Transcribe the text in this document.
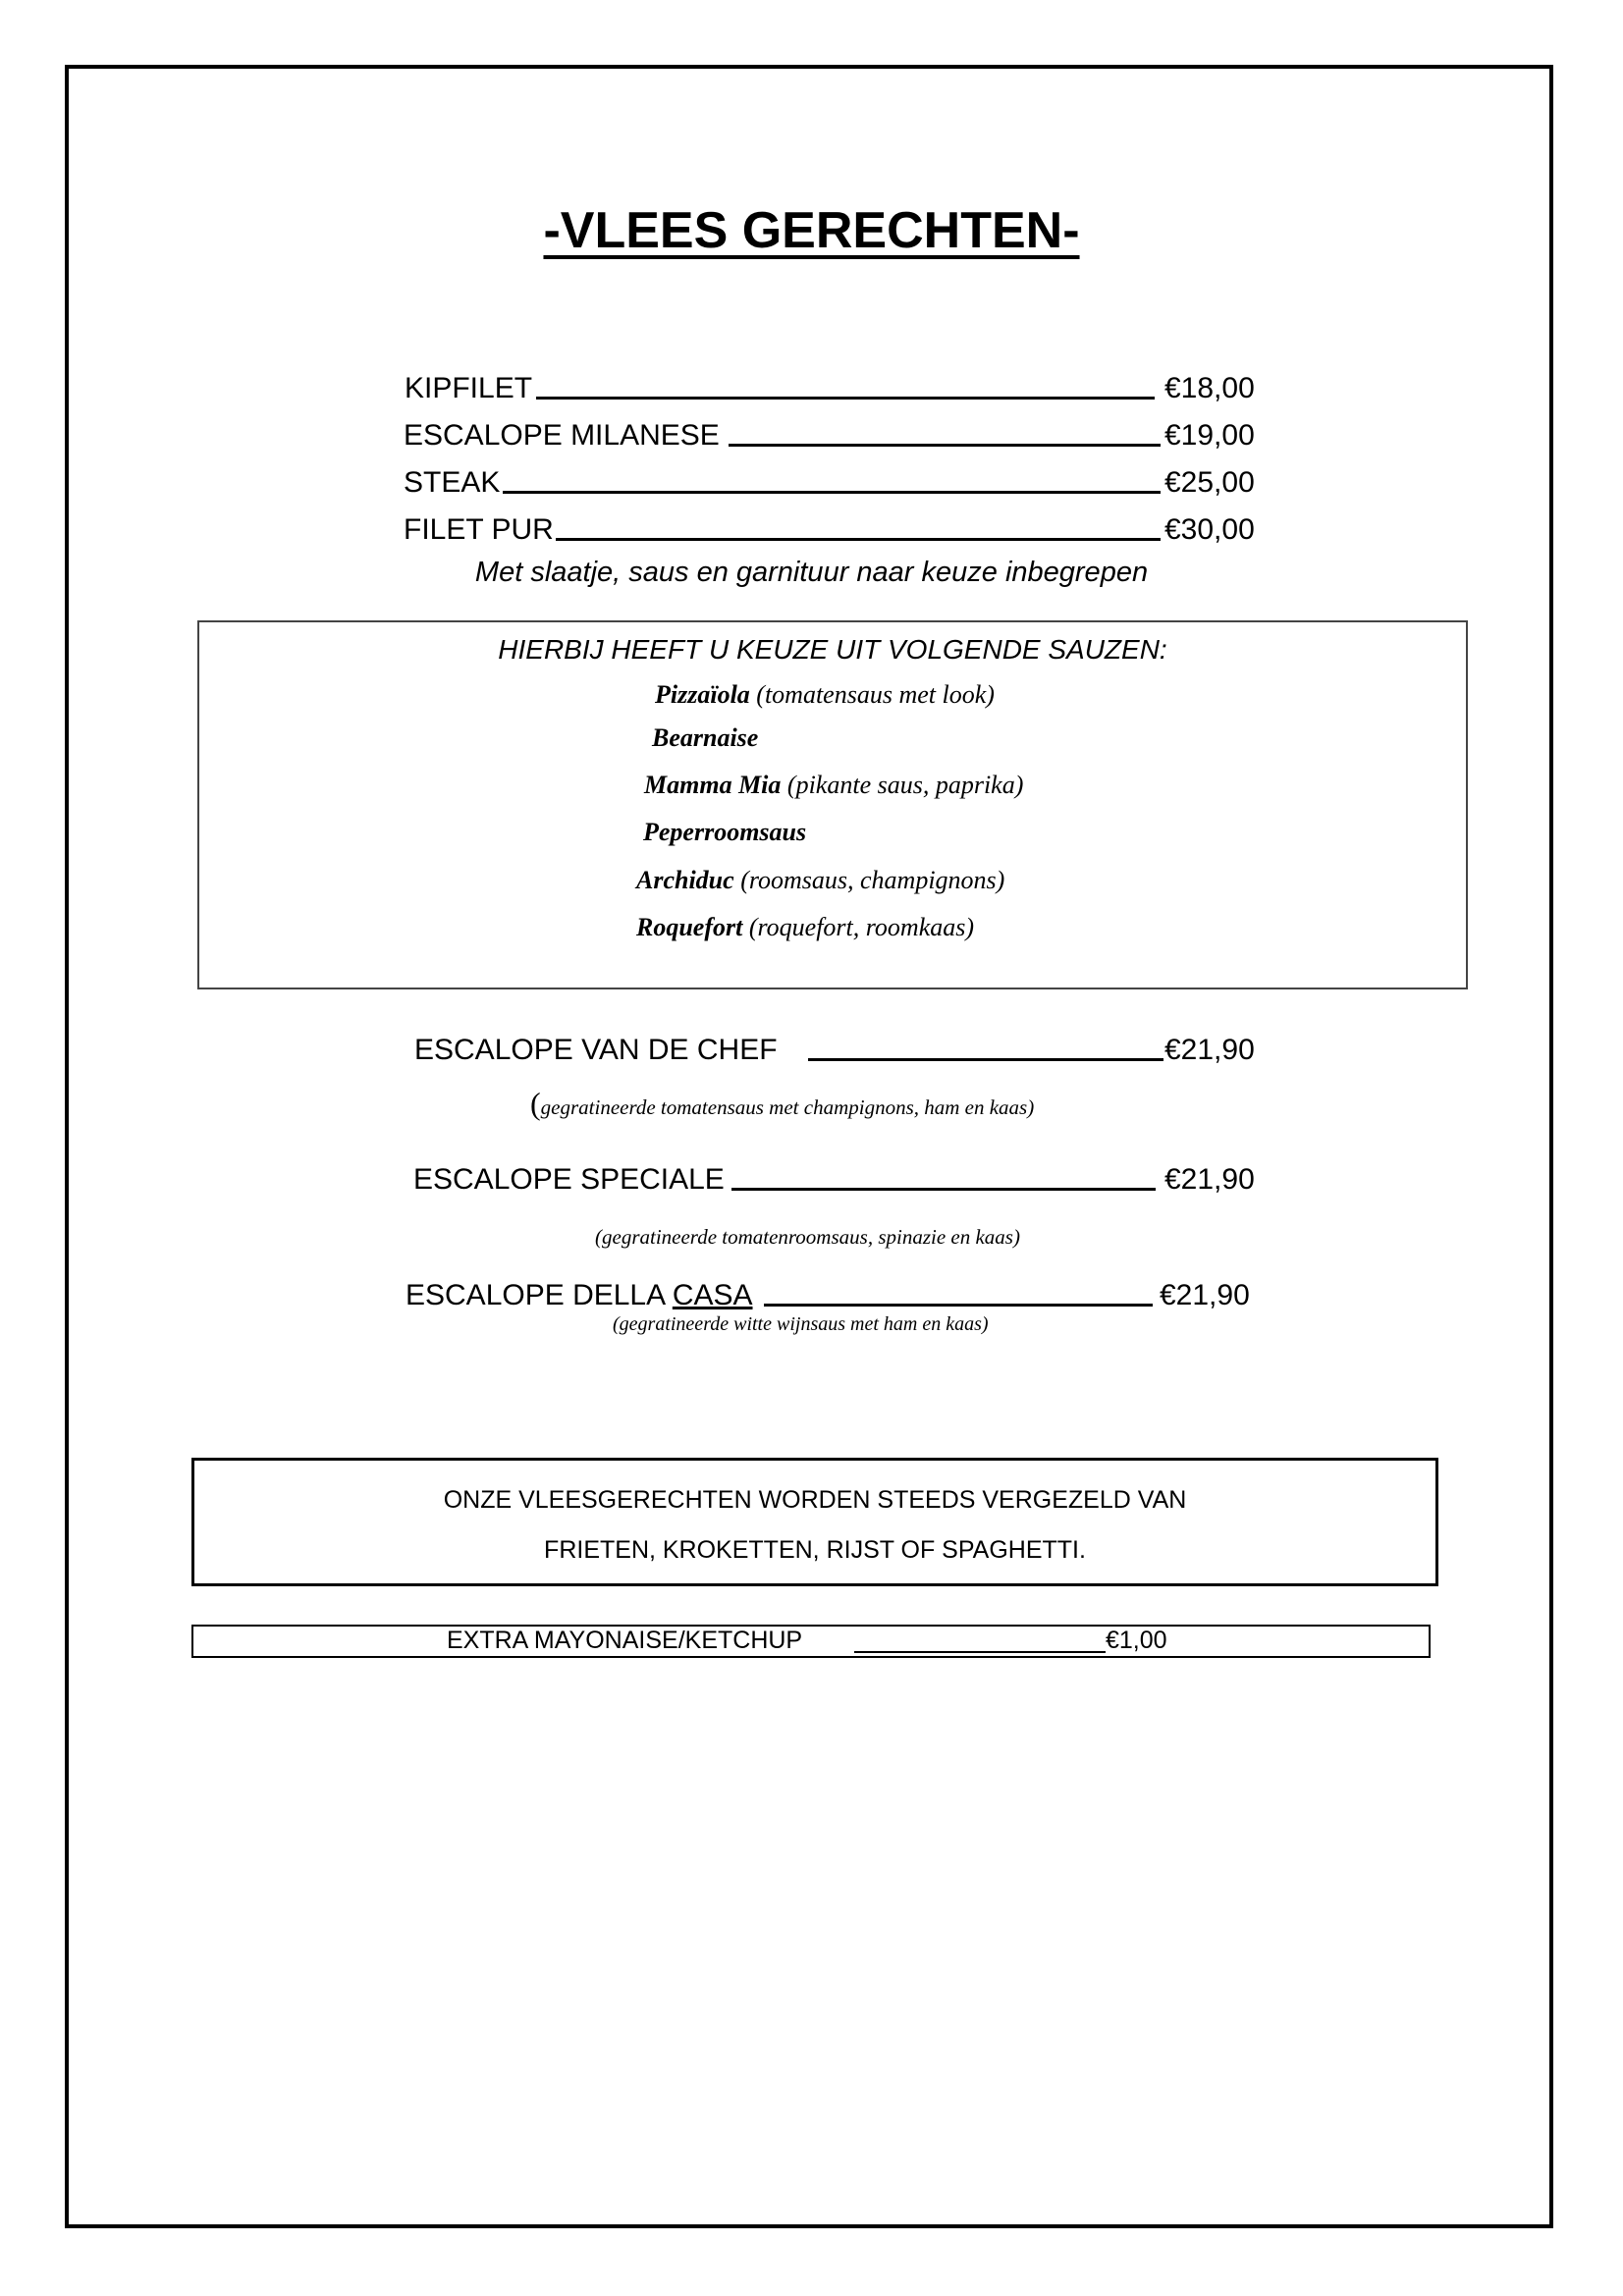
-VLEES GERECHTEN-
KIPFILET	€18,00
ESCALOPE MILANESE	€19,00
STEAK	€25,00
FILET PUR	€30,00
Met slaatje, saus en garnituur naar keuze inbegrepen
HIERBIJ HEEFT U KEUZE UIT VOLGENDE SAUZEN:
Pizzaïola (tomatensaus met look)
Bearnaise
Mamma Mia (pikante saus, paprika)
Peperroomsaus
Archiduc (roomsaus, champignons)
Roquefort (roquefort, roomkaas)
ESCALOPE VAN DE CHEF	€21,90
(gegratineerde tomatensaus met champignons, ham en kaas)
ESCALOPE SPECIALE	€21,90
(gegratineerde tomatenroomsaus, spinazie en kaas)
ESCALOPE DELLA CASA	€21,90
(gegratineerde witte wijnsaus met ham en kaas)
ONZE VLEESGERECHTEN WORDEN STEEDS VERGEZELD VAN
FRIETEN, KROKETTEN, RIJST OF SPAGHETTI.
EXTRA MAYONAISE/KETCHUP	€1,00
